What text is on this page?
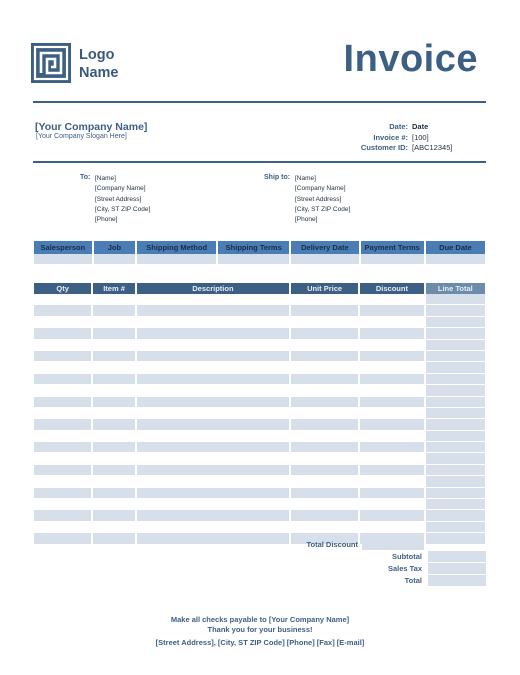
Logo
Name	Invoice
[Your Company Name]
[Your Company Slogan Here]
Date: Date
Invoice #: [100]
Customer ID: [ABC12345]
To: [Name]
[Company Name]
[Street Address]
[City, ST ZIP Code]
[Phone]
Ship to: [Name]
[Company Name]
[Street Address]
[City, ST ZIP Code]
[Phone]
Salesperson	Job	Shipping Method	Shipping Terms	Delivery Date	Payment Terms	Due Date

Qty	Item #	Description	Unit Price	Discount	Line Total

Total Discount
Subtotal
Sales Tax
Total
Make all checks payable to [Your Company Name]
Thank you for your business!
[Street Address], [City, ST ZIP Code] [Phone] [Fax] [E-mail]
